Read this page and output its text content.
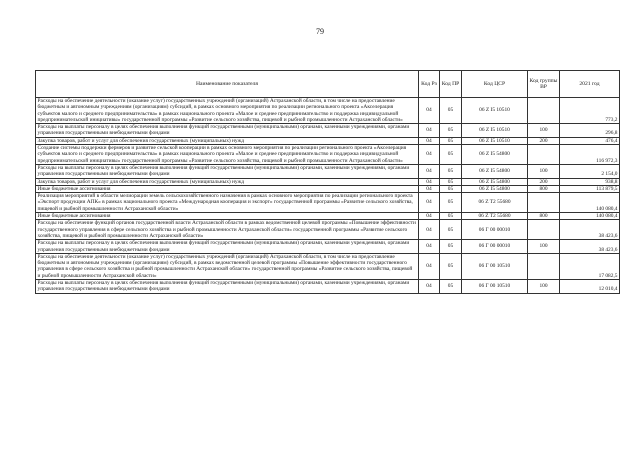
79
Наименование показателя	Код Рз	Код ПР	Код ЦСР	Код группы ВР	2021 год
Расходы на обеспечение деятельности (оказание услуг) государственных учреждений (организаций) Астраханской области, в том числе на предоставление бюджетным и автономным учреждениям (организациям) субсидий, в рамках основного мероприятия по реализации регионального проекта «Акселерация субъектов малого и среднего предпринимательства» в рамках национального проекта «Малое и среднее предпринимательство и поддержка индивидуальной предпринимательской инициативы» государственной программы «Развитие сельского хозяйства, пищевой и рыбной промышленности Астраханской области»	04	05	06 Z I5 10510		773,2
Расходы на выплаты персоналу в целях обеспечения выполнения функций государственными (муниципальными) органами, казенными учреждениями, органами управления государственными внебюджетными фондами	04	05	06 Z I5 10510	100	296,8
Закупка товаров, работ и услуг для обеспечения государственных (муниципальных) нужд	04	05	06 Z I5 10510	200	476,4
Создание системы поддержки фермеров и развитие сельской кооперации в рамках основного мероприятия по реализации регионального проекта «Акселерация субъектов малого и среднего предпринимательства» в рамках национального проекта «Малое и среднее предпринимательство и поддержка индивидуальной предпринимательской инициативы» государственной программы «Развитие сельского хозяйства, пищевой и рыбной промышленности Астраханской области»	04	05	06 Z I5 54800		116 972,3
Расходы на выплаты персоналу в целях обеспечения выполнения функций государственными (муниципальными) органами, казенными учреждениями, органами управления государственными внебюджетными фондами	04	05	06 Z I5 54800	100	2 154,0
Закупка товаров, работ и услуг для обеспечения государственных (муниципальных) нужд	04	05	06 Z I5 54800	200	938,8
Иные бюджетные ассигнования	04	05	06 Z I5 54800	800	113 879,5
Реализация мероприятий в области мелиорации земель сельскохозяйственного назначения в рамках основного мероприятия по реализации регионального проекта «Экспорт продукции АПК» в рамках национального проекта «Международная кооперация и экспорт» государственной программы «Развитие сельского хозяйства, пищевой и рыбной промышленности Астраханской области»	04	05	06 Z T2 55680		140 080,4
Иные бюджетные ассигнования	04	05	06 Z T2 55680	800	140 080,4
Расходы на обеспечение функций органов государственной власти Астраханской области в рамках ведомственной целевой программы «Повышение эффективности государственного управления в сфере сельского хозяйства и рыбной промышленности Астраханской области» государственной программы «Развитие сельского хозяйства, пищевой и рыбной промышленности Астраханской области»	04	05	06 Г 00 00010		38 423,6
Расходы на выплаты персоналу в целях обеспечения выполнения функций государственными (муниципальными) органами, казенными учреждениями, органами управления государственными внебюджетными фондами	04	05	06 Г 00 00010	100	38 423,6
Расходы на обеспечение деятельности (оказание услуг) государственных учреждений (организаций) Астраханской области, в том числе на предоставление бюджетным и автономным учреждениям (организациям) субсидий, в рамках ведомственной целевой программы «Повышение эффективности государственного управления в сфере сельского хозяйства и рыбной промышленности Астраханской области» государственной программы «Развитие сельского хозяйства, пищевой и рыбной промышленности Астраханской области»	04	05	06 Г 00 10510		17 082,5
Расходы на выплаты персоналу в целях обеспечения выполнения функций государственными (муниципальными) органами, казенными учреждениями, органами управления государственными внебюджетными фондами	04	05	06 Г 00 10510	100	12 010,4
